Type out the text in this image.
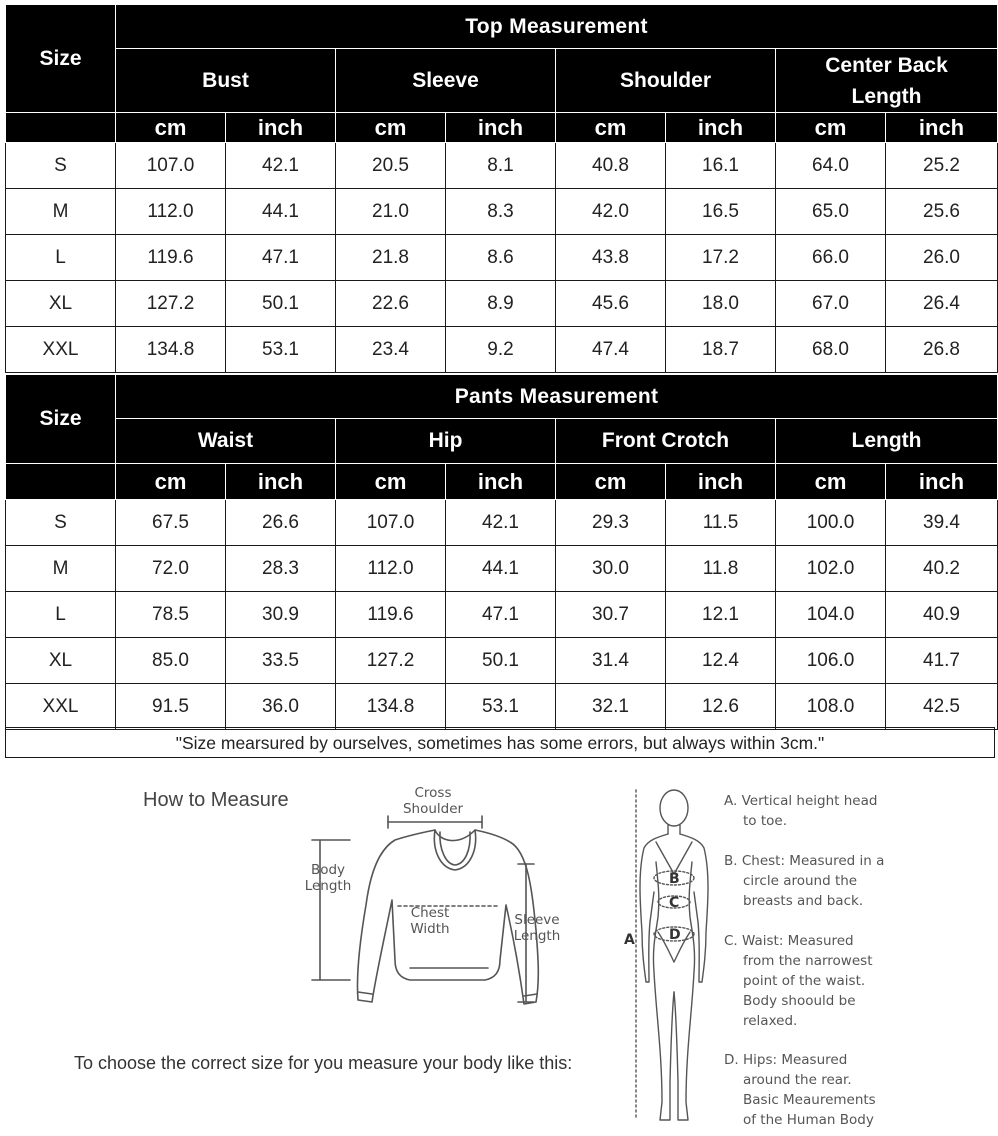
Size	Top Measurement							

	Bust		Sleeve		Shoulder		Center Back
Length	

	cm	inch	cm	inch	cm	inch	cm	inch
S	107.0	42.1	20.5	8.1	40.8	16.1	64.0	25.2
M	112.0	44.1	21.0	8.3	42.0	16.5	65.0	25.6
L	119.6	47.1	21.8	8.6	43.8	17.2	66.0	26.0
XL	127.2	50.1	22.6	8.9	45.6	18.0	67.0	26.4
XXL	134.8	53.1	23.4	9.2	47.4	18.7	68.0	26.8
Size	Pants Measurement							

	Waist		Hip		Front Crotch		Length	

	cm	inch	cm	inch	cm	inch	cm	inch
S	67.5	26.6	107.0	42.1	29.3	11.5	100.0	39.4
M	72.0	28.3	112.0	44.1	30.0	11.8	102.0	40.2
L	78.5	30.9	119.6	47.1	30.7	12.1	104.0	40.9
XL	85.0	33.5	127.2	50.1	31.4	12.4	106.0	41.7
XXL	91.5	36.0	134.8	53.1	32.1	12.6	108.0	42.5
"Size mearsured by ourselves, sometimes has some errors, but always within 3cm."
How to Measure
To choose the correct size for you measure your body like this:
Cross
Shoulder
Body
Length
Chest
Width
Sleeve
Length
B
C
D
A
A. Vertical height head
to toe.
B. Chest: Measured in a
circle around the
breasts and back.
C. Waist: Measured
from the narrowest
point of the waist.
Body shoould be
relaxed.
D. Hips: Measured
around the rear.
Basic Meaurements
of the Human Body
